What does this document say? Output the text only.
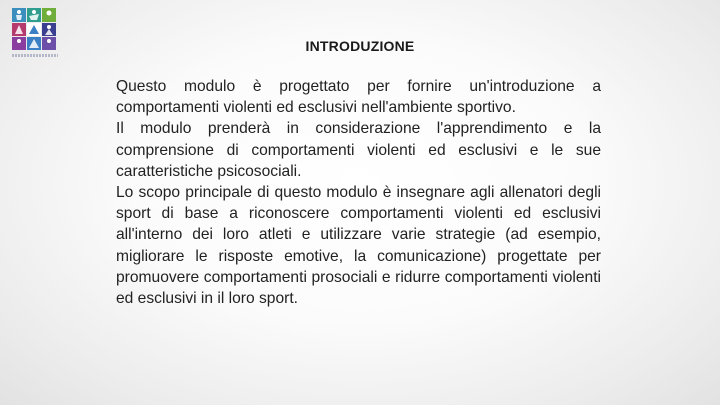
INTRODUZIONE

Questo modulo è progettato per fornire un'introduzione a comportamenti violenti ed esclusivi nell'ambiente sportivo.

Il modulo prenderà in considerazione l'apprendimento e la comprensione di comportamenti violenti ed esclusivi e le sue caratteristiche psicosociali.

Lo scopo principale di questo modulo è insegnare agli allenatori degli sport di base a riconoscere comportamenti violenti ed esclusivi all'interno dei loro atleti e utilizzare varie strategie (ad esempio, migliorare le risposte emotive, la comunicazione) progettate per promuovere comportamenti prosociali e ridurre comportamenti violenti ed esclusivi in il loro sport.
